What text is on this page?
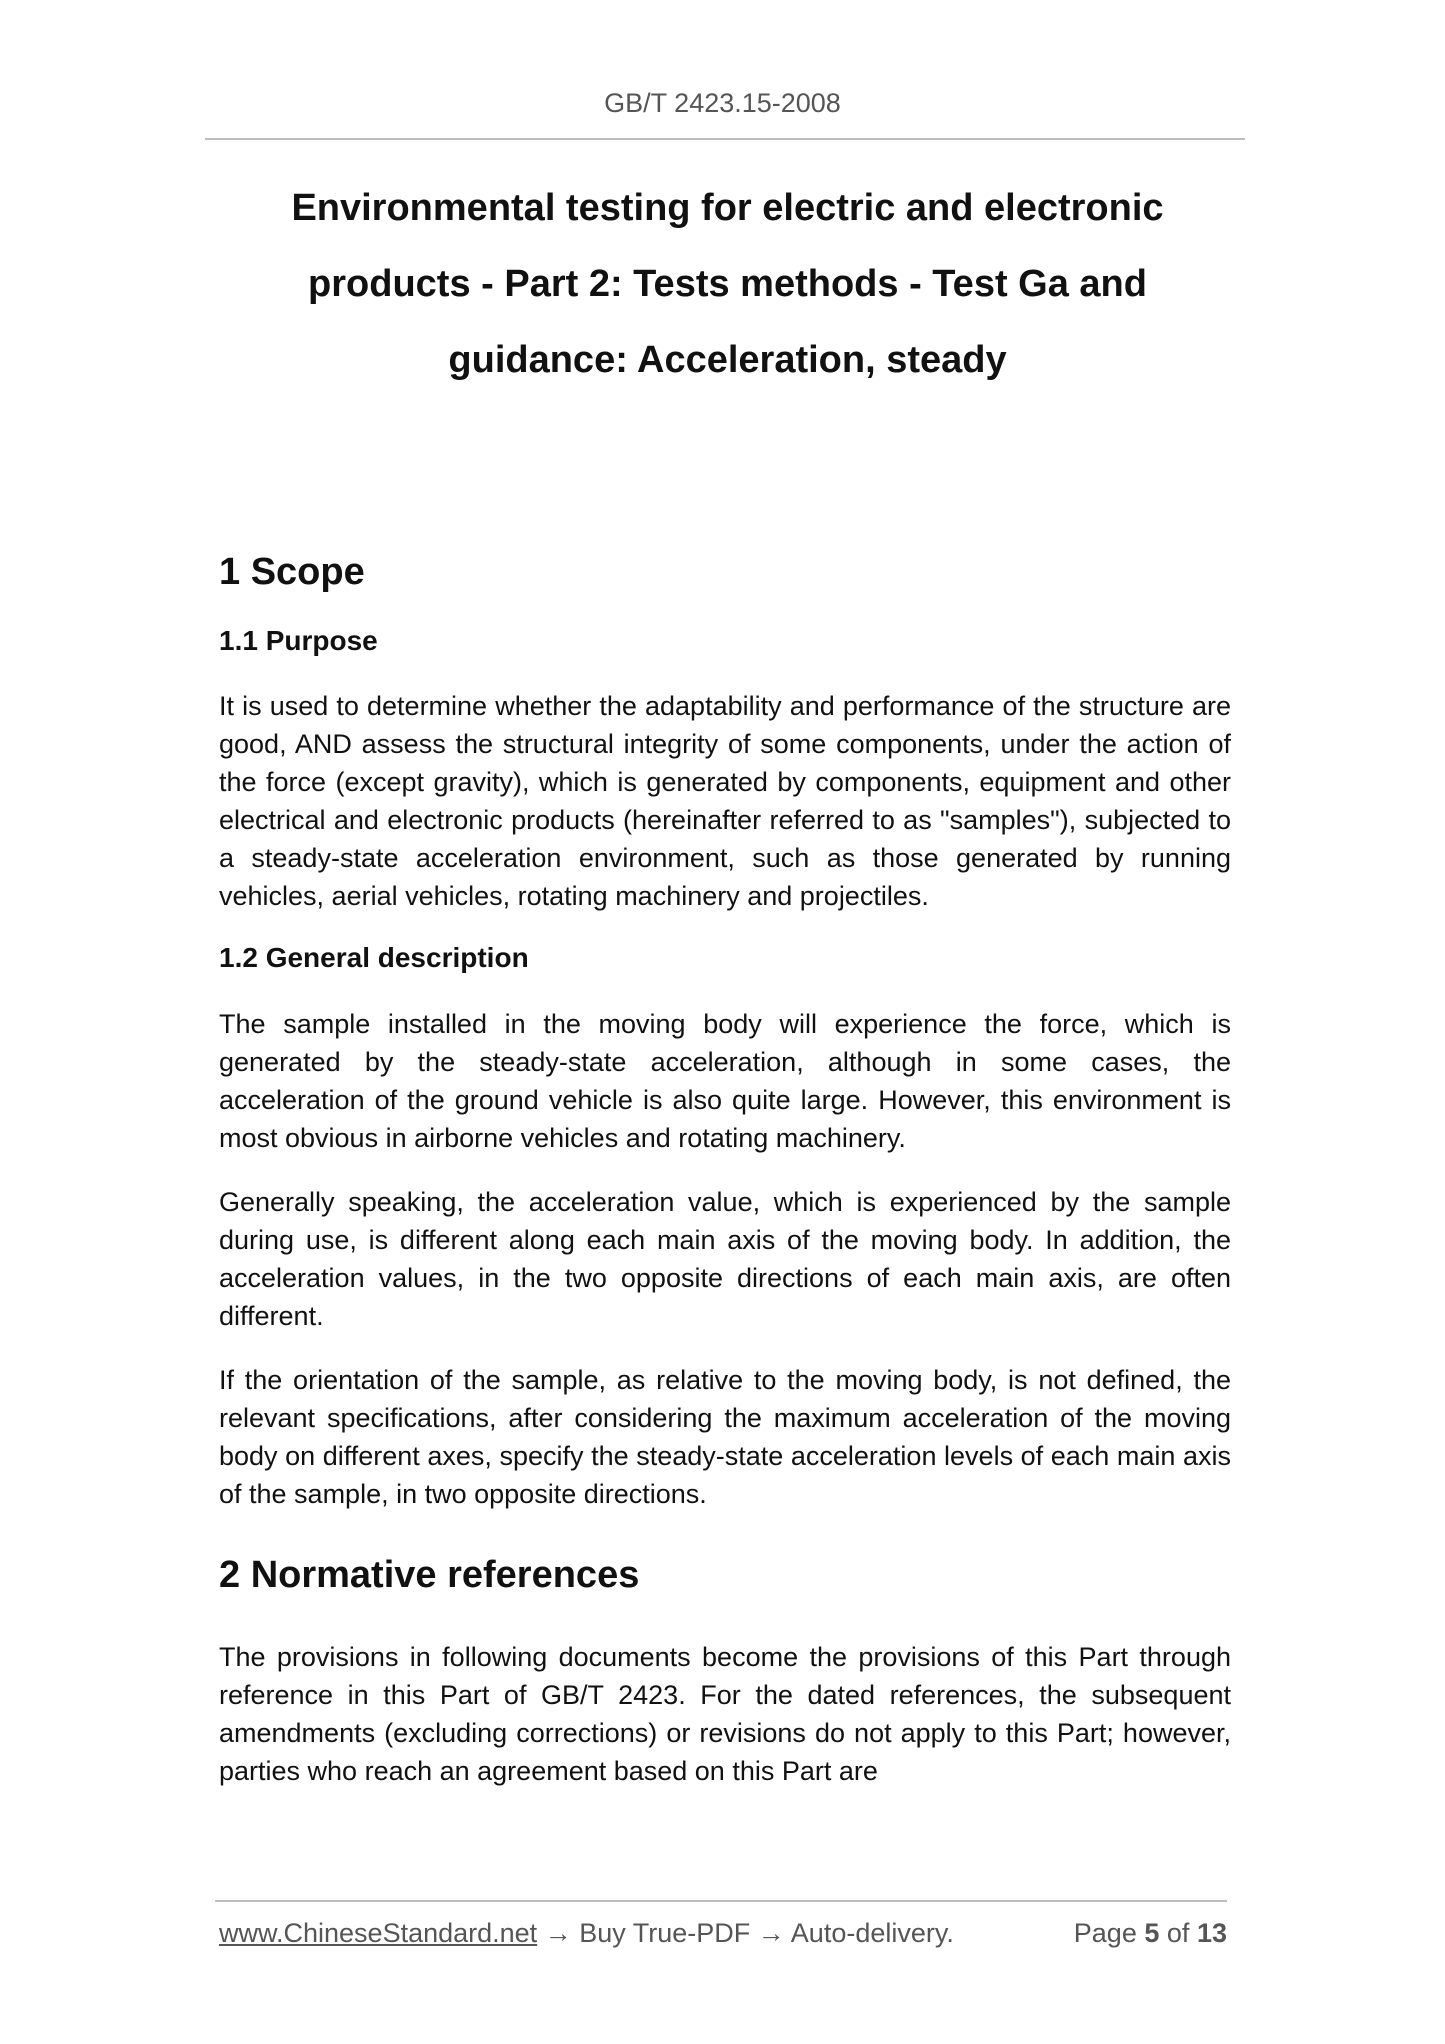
GB/T 2423.15-2008
Environmental testing for electric and electronic products - Part 2: Tests methods - Test Ga and guidance: Acceleration, steady
1 Scope
1.1 Purpose

It is used to determine whether the adaptability and performance of the structure are good, AND assess the structural integrity of some components, under the action of the force (except gravity), which is generated by components, equipment and other electrical and electronic products (hereinafter referred to as "samples"), subjected to a steady-state acceleration environment, such as those generated by running vehicles, aerial vehicles, rotating machinery and projectiles.

1.2 General description

The sample installed in the moving body will experience the force, which is generated by the steady-state acceleration, although in some cases, the acceleration of the ground vehicle is also quite large. However, this environment is most obvious in airborne vehicles and rotating machinery.

Generally speaking, the acceleration value, which is experienced by the sample during use, is different along each main axis of the moving body. In addition, the acceleration values, in the two opposite directions of each main axis, are often different.

If the orientation of the sample, as relative to the moving body, is not defined, the relevant specifications, after considering the maximum acceleration of the moving body on different axes, specify the steady-state acceleration levels of each main axis of the sample, in two opposite directions.

2 Normative references

The provisions in following documents become the provisions of this Part through reference in this Part of GB/T 2423. For the dated references, the subsequent amendments (excluding corrections) or revisions do not apply to this Part; however, parties who reach an agreement based on this Part are

www.ChineseStandard.net → Buy True-PDF → Auto-delivery.	Page 5 of 13
